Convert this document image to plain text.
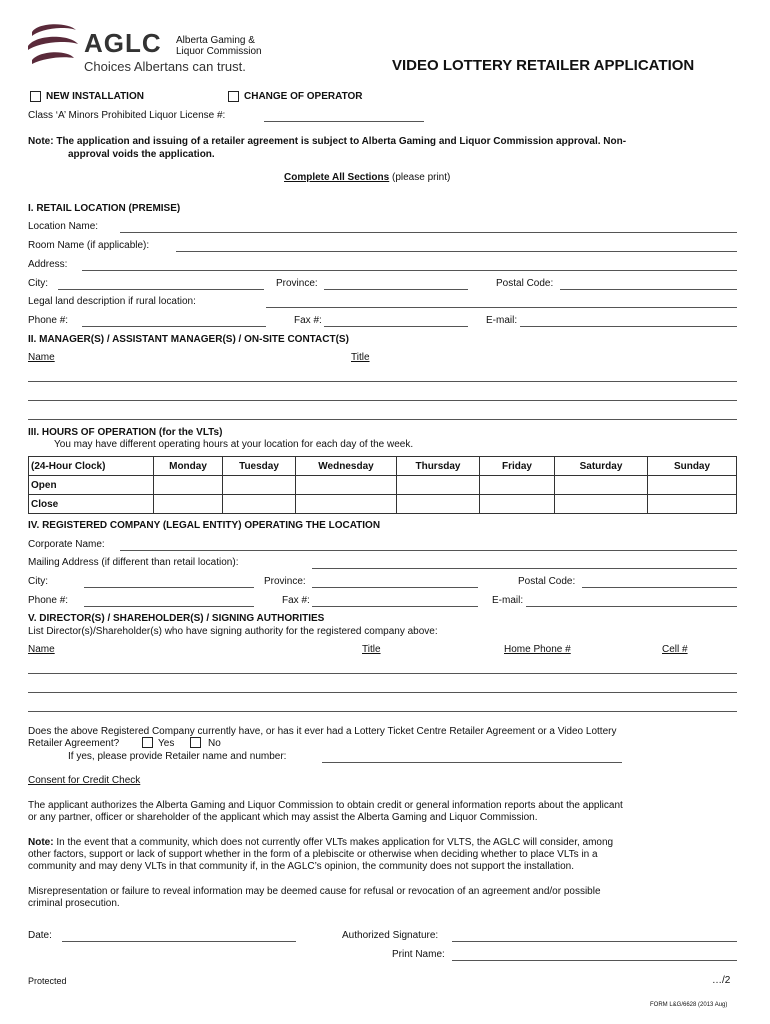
AGLC Alberta Gaming &
Liquor Commission
Choices Albertans can trust.	VIDEO LOTTERY RETAILER APPLICATION
NEW INSTALLATION	CHANGE OF OPERATOR
Class ‘A’ Minors Prohibited Liquor License #:
Note: The application and issuing of a retailer agreement is subject to Alberta Gaming and Liquor Commission approval. Non-
approval voids the application.
Complete All Sections (please print)
I. RETAIL LOCATION (PREMISE)
Location Name:
Room Name (if applicable):
Address:
City:	Province:	Postal Code:
Legal land description if rural location:
Phone #:	Fax #:	E-mail:
II. MANAGER(S) / ASSISTANT MANAGER(S) / ON-SITE CONTACT(S)
Name	Title
III. HOURS OF OPERATION (for the VLTs)
You may have different operating hours at your location for each day of the week.
(24-Hour Clock)	Monday	Tuesday	Wednesday	Thursday	Friday	Saturday	Sunday
Open							
Close							
IV. REGISTERED COMPANY (LEGAL ENTITY) OPERATING THE LOCATION
Corporate Name:
Mailing Address (if different than retail location):
City:	Province:	Postal Code:
Phone #:	Fax #:	E-mail:
V. DIRECTOR(S) / SHAREHOLDER(S) / SIGNING AUTHORITIES
List Director(s)/Shareholder(s) who have signing authority for the registered company above:
Name	Title	Home Phone #	Cell #
Does the above Registered Company currently have, or has it ever had a Lottery Ticket Centre Retailer Agreement or a Video Lottery
Retailer Agreement?	Yes	No
If yes, please provide Retailer name and number:
Consent for Credit Check
The applicant authorizes the Alberta Gaming and Liquor Commission to obtain credit or general information reports about the applicant
or any partner, officer or shareholder of the applicant which may assist the Alberta Gaming and Liquor Commission.
Note: In the event that a community, which does not currently offer VLTs makes application for VLTS, the AGLC will consider, among
other factors, support or lack of support whether in the form of a plebiscite or otherwise when deciding whether to place VLTs in a
community and may deny VLTs in that community if, in the AGLC’s opinion, the community does not support the installation.
Misrepresentation or failure to reveal information may be deemed cause for refusal or revocation of an agreement and/or possible
criminal prosecution.
Date:	Authorized Signature:
Print Name:
Protected	…/2
FORM L&G/6628 (2013 Aug)
